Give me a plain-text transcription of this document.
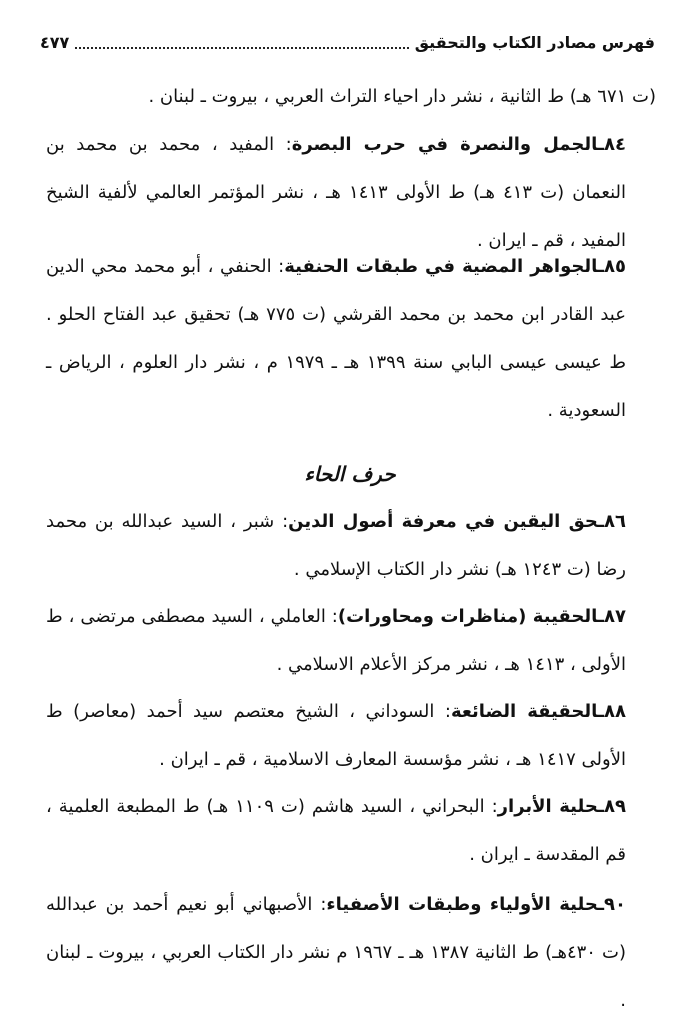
فهرس مصادر الكتاب والتحقيق
٤٧٧

(ت ٦٧١ هـ) ط الثانية ، نشر دار احياء التراث العربي ، بيروت ـ لبنان .

٨٤ـالجمل والنصرة في حرب البصرة: المفيد ، محمد بن محمد بن النعمان (ت ٤١٣ هـ) ط الأولى ١٤١٣ هـ ، نشر المؤتمر العالمي لألفية الشيخ المفيد ، قم ـ ايران .

٨٥ـالجواهر المضية في طبقات الحنفية: الحنفي ، أبو محمد محي الدين عبد القادر ابن محمد بن محمد القرشي (ت ٧٧٥ هـ) تحقيق عبد الفتاح الحلو . ط عيسى عيسى البابي سنة ١٣٩٩ هـ ـ ١٩٧٩ م ، نشر دار العلوم ، الرياض ـ السعودية .

حرف الحاء

٨٦ـحق اليقين في معرفة أصول الدين: شبر ، السيد عبدالله بن محمد رضا (ت ١٢٤٣ هـ) نشر دار الكتاب الإسلامي .

٨٧ـالحقيبة (مناظرات ومحاورات): العاملي ، السيد مصطفى مرتضى ، ط الأولى ، ١٤١٣ هـ ، نشر مركز الأعلام الاسلامي .

٨٨ـالحقيقة الضائعة: السوداني ، الشيخ معتصم سيد أحمد (معاصر) ط الأولى ١٤١٧ هـ ، نشر مؤسسة المعارف الاسلامية ، قم ـ ايران .

٨٩ـحلية الأبرار: البحراني ، السيد هاشم (ت ١١٠٩ هـ) ط المطبعة العلمية ، قم المقدسة ـ ايران .

٩٠ـحلية الأولياء وطبقات الأصفياء: الأصبهاني أبو نعيم أحمد بن عبدالله (ت ٤٣٠هـ) ط الثانية ١٣٨٧ هـ ـ ١٩٦٧ م نشر دار الكتاب العربي ، بيروت ـ لبنان .
